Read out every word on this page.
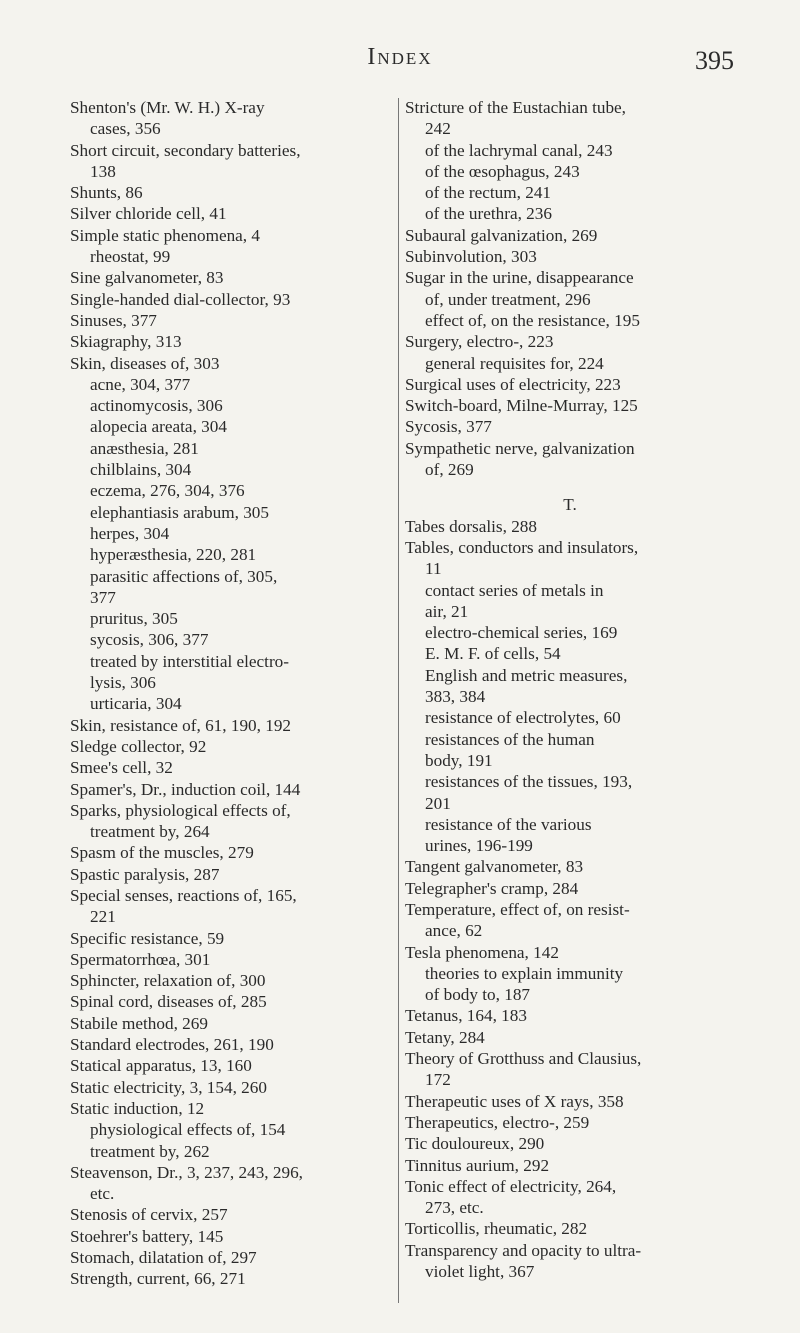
Index	395
Shenton's (Mr. W. H.) X-ray
cases, 356
Short circuit, secondary batteries,
138
Shunts, 86
Silver chloride cell, 41
Simple static phenomena, 4
rheostat, 99
Sine galvanometer, 83
Single-handed dial-collector, 93
Sinuses, 377
Skiagraphy, 313
Skin, diseases of, 303
acne, 304, 377
actinomycosis, 306
alopecia areata, 304
anæsthesia, 281
chilblains, 304
eczema, 276, 304, 376
elephantiasis arabum, 305
herpes, 304
hyperæsthesia, 220, 281
parasitic affections of, 305,
377
pruritus, 305
sycosis, 306, 377
treated by interstitial electro-
lysis, 306
urticaria, 304
Skin, resistance of, 61, 190, 192
Sledge collector, 92
Smee's cell, 32
Spamer's, Dr., induction coil, 144
Sparks, physiological effects of,
treatment by, 264
Spasm of the muscles, 279
Spastic paralysis, 287
Special senses, reactions of, 165,
221
Specific resistance, 59
Spermatorrhœa, 301
Sphincter, relaxation of, 300
Spinal cord, diseases of, 285
Stabile method, 269
Standard electrodes, 261, 190
Statical apparatus, 13, 160
Static electricity, 3, 154, 260
Static induction, 12
physiological effects of, 154
treatment by, 262
Steavenson, Dr., 3, 237, 243, 296,
etc.
Stenosis of cervix, 257
Stoehrer's battery, 145
Stomach, dilatation of, 297
Strength, current, 66, 271
Stricture of the Eustachian tube,
242
of the lachrymal canal, 243
of the œsophagus, 243
of the rectum, 241
of the urethra, 236
Subaural galvanization, 269
Subinvolution, 303
Sugar in the urine, disappearance
of, under treatment, 296
effect of, on the resistance, 195
Surgery, electro-, 223
general requisites for, 224
Surgical uses of electricity, 223
Switch-board, Milne-Murray, 125
Sycosis, 377
Sympathetic nerve, galvanization
of, 269
T.
Tabes dorsalis, 288
Tables, conductors and insulators,
11
contact series of metals in
air, 21
electro-chemical series, 169
E. M. F. of cells, 54
English and metric measures,
383, 384
resistance of electrolytes, 60
resistances of the human
body, 191
resistances of the tissues, 193,
201
resistance of the various
urines, 196-199
Tangent galvanometer, 83
Telegrapher's cramp, 284
Temperature, effect of, on resist-
ance, 62
Tesla phenomena, 142
theories to explain immunity
of body to, 187
Tetanus, 164, 183
Tetany, 284
Theory of Grotthuss and Clausius,
172
Therapeutic uses of X rays, 358
Therapeutics, electro-, 259
Tic douloureux, 290
Tinnitus aurium, 292
Tonic effect of electricity, 264,
273, etc.
Torticollis, rheumatic, 282
Transparency and opacity to ultra-
violet light, 367
